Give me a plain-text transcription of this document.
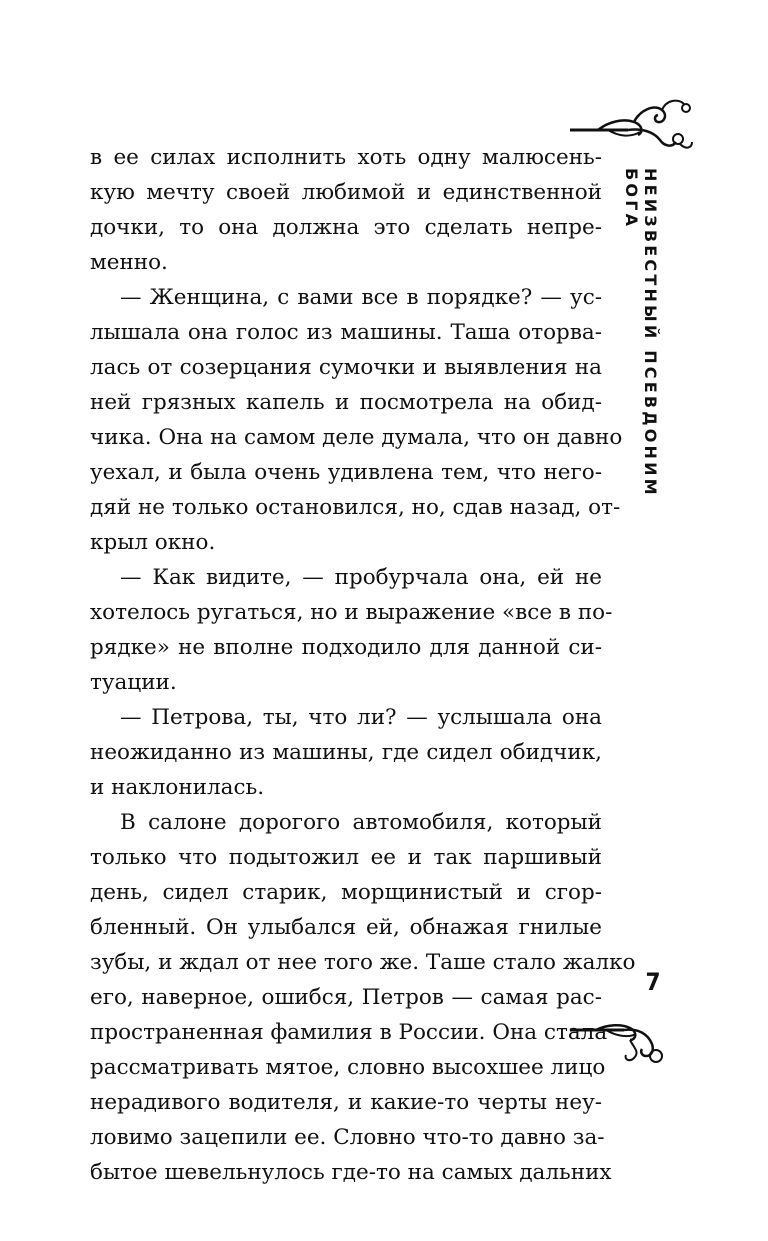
НЕИЗВЕСТНЫЙ ПСЕВДОНИМ БОГА
в ее силах исполнить хоть одну малюсень-
кую мечту своей любимой и единственной
дочки, то она должна это сделать непре-
менно.
— Женщина, с вами все в порядке? — ус-
лышала она голос из машины. Таша оторва-
лась от созерцания сумочки и выявления на
ней грязных капель и посмотрела на обид-
чика. Она на самом деле думала, что он давно
уехал, и была очень удивлена тем, что него-
дяй не только остановился, но, сдав назад, от-
крыл окно.
— Как видите, — пробурчала она, ей не
хотелось ругаться, но и выражение «все в по-
рядке» не вполне подходило для данной си-
туации.
— Петрова, ты, что ли? — услышала она
неожиданно из машины, где сидел обидчик,
и наклонилась.
В салоне дорогого автомобиля, который
только что подытожил ее и так паршивый
день, сидел старик, морщинистый и сгор-
бленный. Он улыбался ей, обнажая гнилые
зубы, и ждал от нее того же. Таше стало жалко
его, наверное, ошибся, Петров — самая рас-
пространенная фамилия в России. Она стала
рассматривать мятое, словно высохшее лицо
нерадивого водителя, и какие-то черты неу-
ловимо зацепили ее. Словно что-то давно за-
бытое шевельнулось где-то на самых дальних
7
